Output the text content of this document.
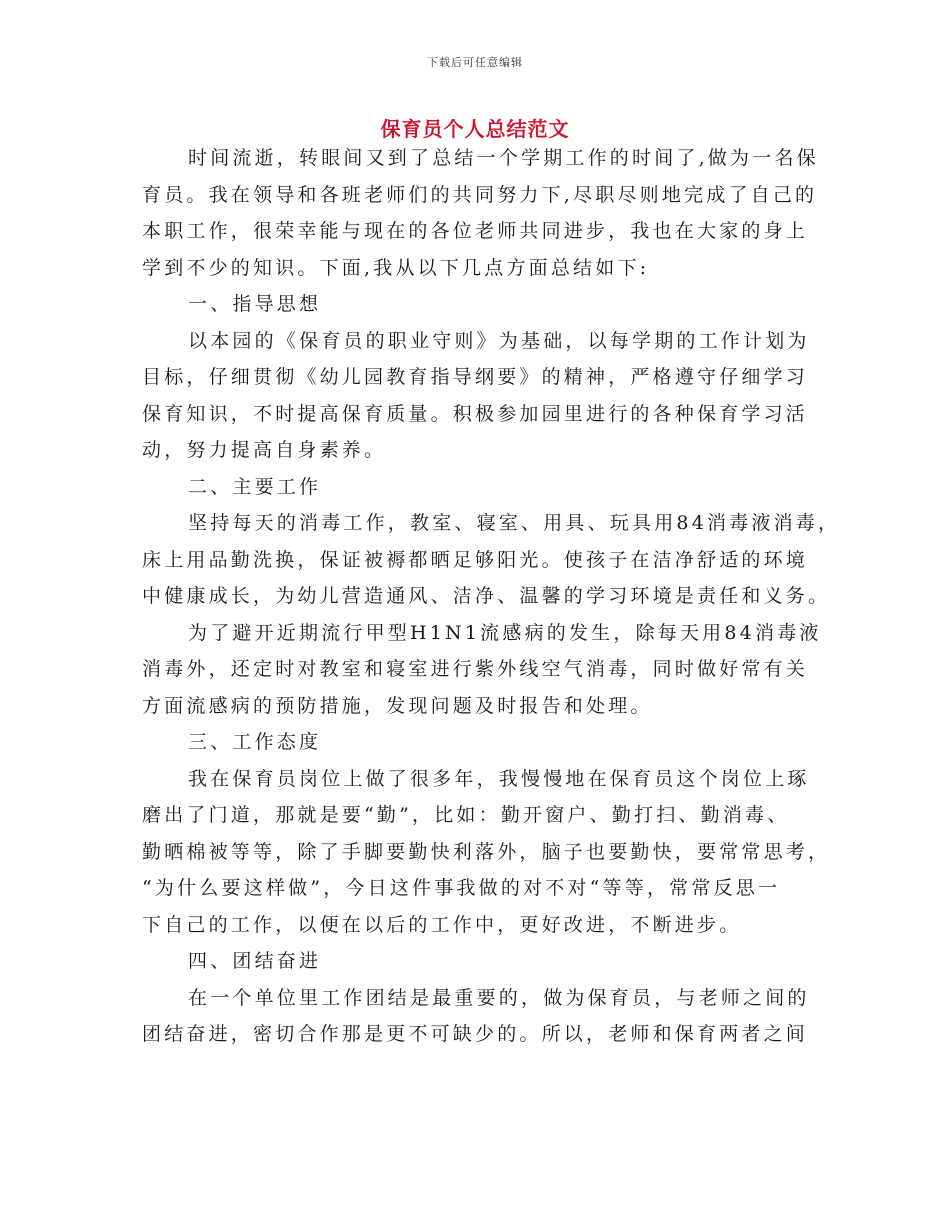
下载后可任意编辑
保育员个人总结范文
时间流逝，转眼间又到了总结一个学期工作的时间了,做为一名保
育员。我在领导和各班老师们的共同努力下,尽职尽则地完成了自己的
本职工作，很荣幸能与现在的各位老师共同进步，我也在大家的身上
学到不少的知识。下面,我从以下几点方面总结如下:
一、指导思想
以本园的《保育员的职业守则》为基础，以每学期的工作计划为
目标，仔细贯彻《幼儿园教育指导纲要》的精神，严格遵守仔细学习
保育知识，不时提高保育质量。积极参加园里进行的各种保育学习活
动，努力提高自身素养。
二、主要工作
坚持每天的消毒工作，教室、寝室、用具、玩具用84消毒液消毒，
床上用品勤洗换，保证被褥都晒足够阳光。使孩子在洁净舒适的环境
中健康成长，为幼儿营造通风、洁净、温馨的学习环境是责任和义务。
为了避开近期流行甲型H1N1流感病的发生，除每天用84消毒液
消毒外，还定时对教室和寝室进行紫外线空气消毒，同时做好常有关
方面流感病的预防措施，发现问题及时报告和处理。
三、工作态度
我在保育员岗位上做了很多年，我慢慢地在保育员这个岗位上琢
磨出了门道，那就是要“勤”，比如：勤开窗户、勤打扫、勤消毒、
勤晒棉被等等，除了手脚要勤快利落外，脑子也要勤快，要常常思考，
“为什么要这样做”，今日这件事我做的对不对“等等，常常反思一
下自己的工作，以便在以后的工作中，更好改进，不断进步。
四、团结奋进
在一个单位里工作团结是最重要的，做为保育员，与老师之间的
团结奋进，密切合作那是更不可缺少的。所以，老师和保育两者之间
